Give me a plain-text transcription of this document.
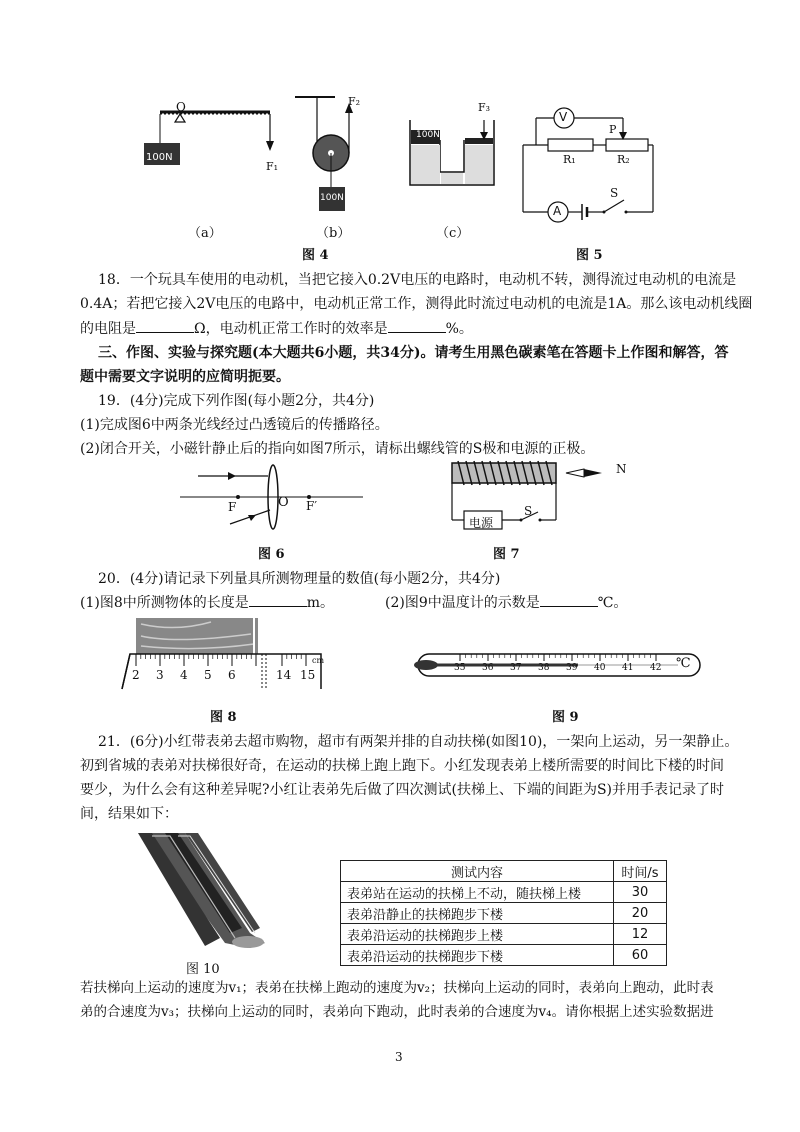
100N
O
F₁
（a）
F₂
100N
（b）
100N
F₃
（c）
图 4
V
A
P
R₁	R₂
S
图 5
18．一个玩具车使用的电动机，当把它接入0.2V电压的电路时，电动机不转，测得流过电动机的电流是
0.4A；若把它接入2V电压的电路中，电动机正常工作，测得此时流过电动机的电流是1A。那么该电动机线圈
的电阻是	Ω，电动机正常工作时的效率是	%。
三、作图、实验与探究题(本大题共6小题，共34分)。请考生用黑色碳素笔在答题卡上作图和解答，答
题中需要文字说明的应简明扼要。
19．(4分)完成下列作图(每小题2分，共4分)
(1)完成图6中两条光线经过凸透镜后的传播路径。
(2)闭合开关，小磁针静止后的指向如图7所示，请标出螺线管的S极和电源的正极。
F	O F′
图 6
N
电源
S
图 7
20．(4分)请记录下列量具所测物理量的数值(每小题2分，共4分)
(1)图8中所测物体的长度是	m。	(2)图9中温度计的示数是	℃。
2 3 4 5 6	14 15
cm
图 8
35 36 37 38 39 40 41 42 ℃
图 9
21．(6分)小红带表弟去超市购物，超市有两架并排的自动扶梯(如图10)，一架向上运动，另一架静止。
初到省城的表弟对扶梯很好奇，在运动的扶梯上跑上跑下。小红发现表弟上楼所需要的时间比下楼的时间
要少，为什么会有这种差异呢?小红让表弟先后做了四次测试(扶梯上、下端的间距为S)并用手表记录了时
间，结果如下：
图 10
测试内容	时间/s
表弟站在运动的扶梯上不动，随扶梯上楼	30
表弟沿静止的扶梯跑步下楼	20
表弟沿运动的扶梯跑步上楼	12
表弟沿运动的扶梯跑步下楼	60
若扶梯向上运动的速度为v₁；表弟在扶梯上跑动的速度为v₂；扶梯向上运动的同时，表弟向上跑动，此时表
弟的合速度为v₃；扶梯向上运动的同时，表弟向下跑动，此时表弟的合速度为v₄。请你根据上述实验数据进
3
